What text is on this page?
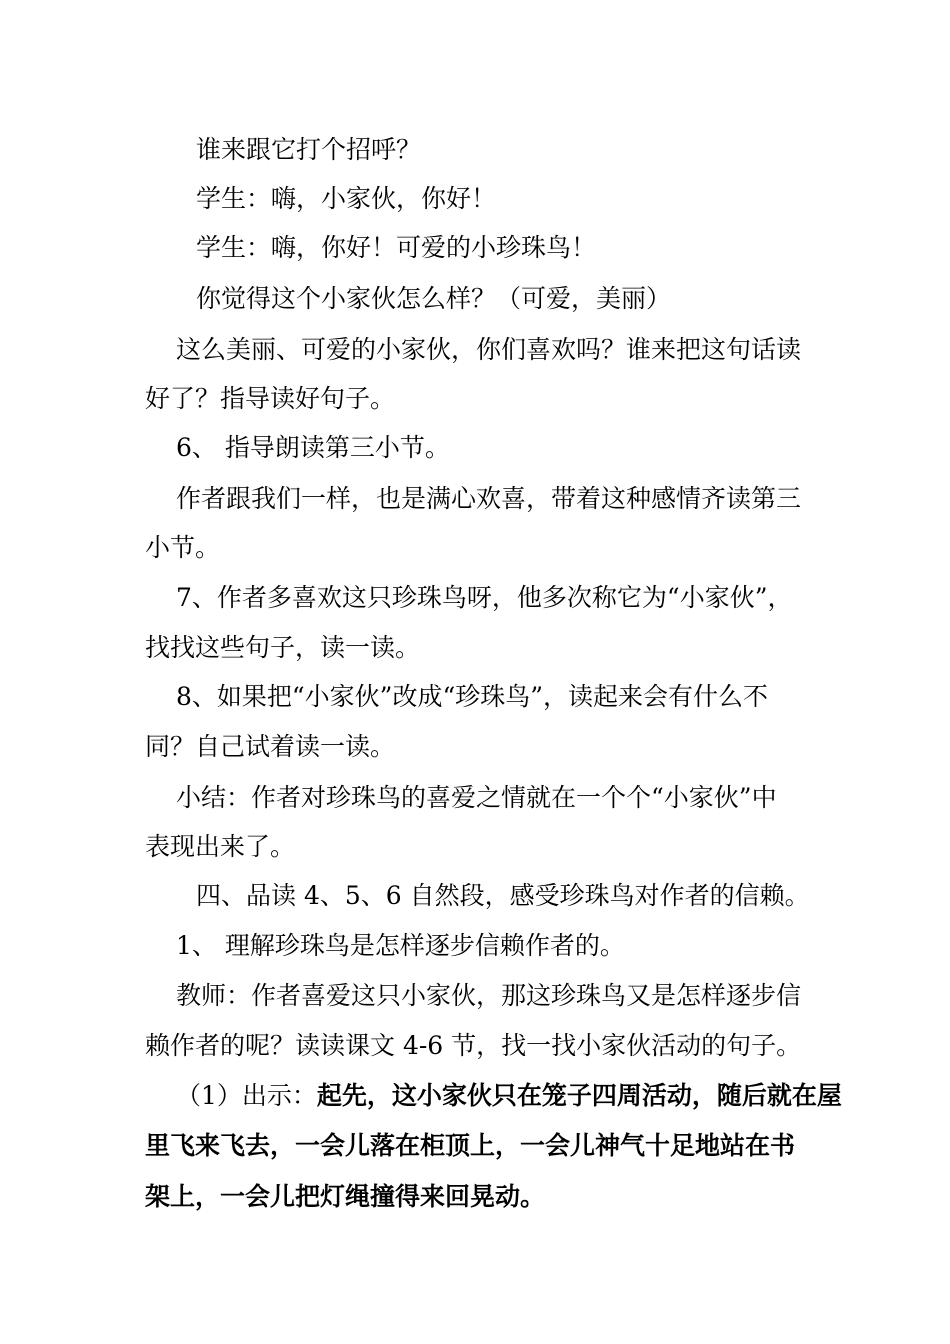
谁来跟它打个招呼？
学生：嗨，小家伙，你好！
学生：嗨，你好！可爱的小珍珠鸟！
你觉得这个小家伙怎么样？（可爱，美丽）
这么美丽、可爱的小家伙，你们喜欢吗？谁来把这句话读
好了？指导读好句子。
6、 指导朗读第三小节。
作者跟我们一样，也是满心欢喜，带着这种感情齐读第三
小节。
7、作者多喜欢这只珍珠鸟呀，他多次称它为“小家伙”，
找找这些句子，读一读。
8、如果把“小家伙”改成“珍珠鸟”，读起来会有什么不
同？自己试着读一读。
小结：作者对珍珠鸟的喜爱之情就在一个个“小家伙”中
表现出来了。
四、品读 4、5、6 自然段，感受珍珠鸟对作者的信赖。
1、 理解珍珠鸟是怎样逐步信赖作者的。
教师：作者喜爱这只小家伙，那这珍珠鸟又是怎样逐步信
赖作者的呢？读读课文 4-6 节，找一找小家伙活动的句子。
（1）出示：起先，这小家伙只在笼子四周活动，随后就在屋
里飞来飞去，一会儿落在柜顶上，一会儿神气十足地站在书
架上，一会儿把灯绳撞得来回晃动。
